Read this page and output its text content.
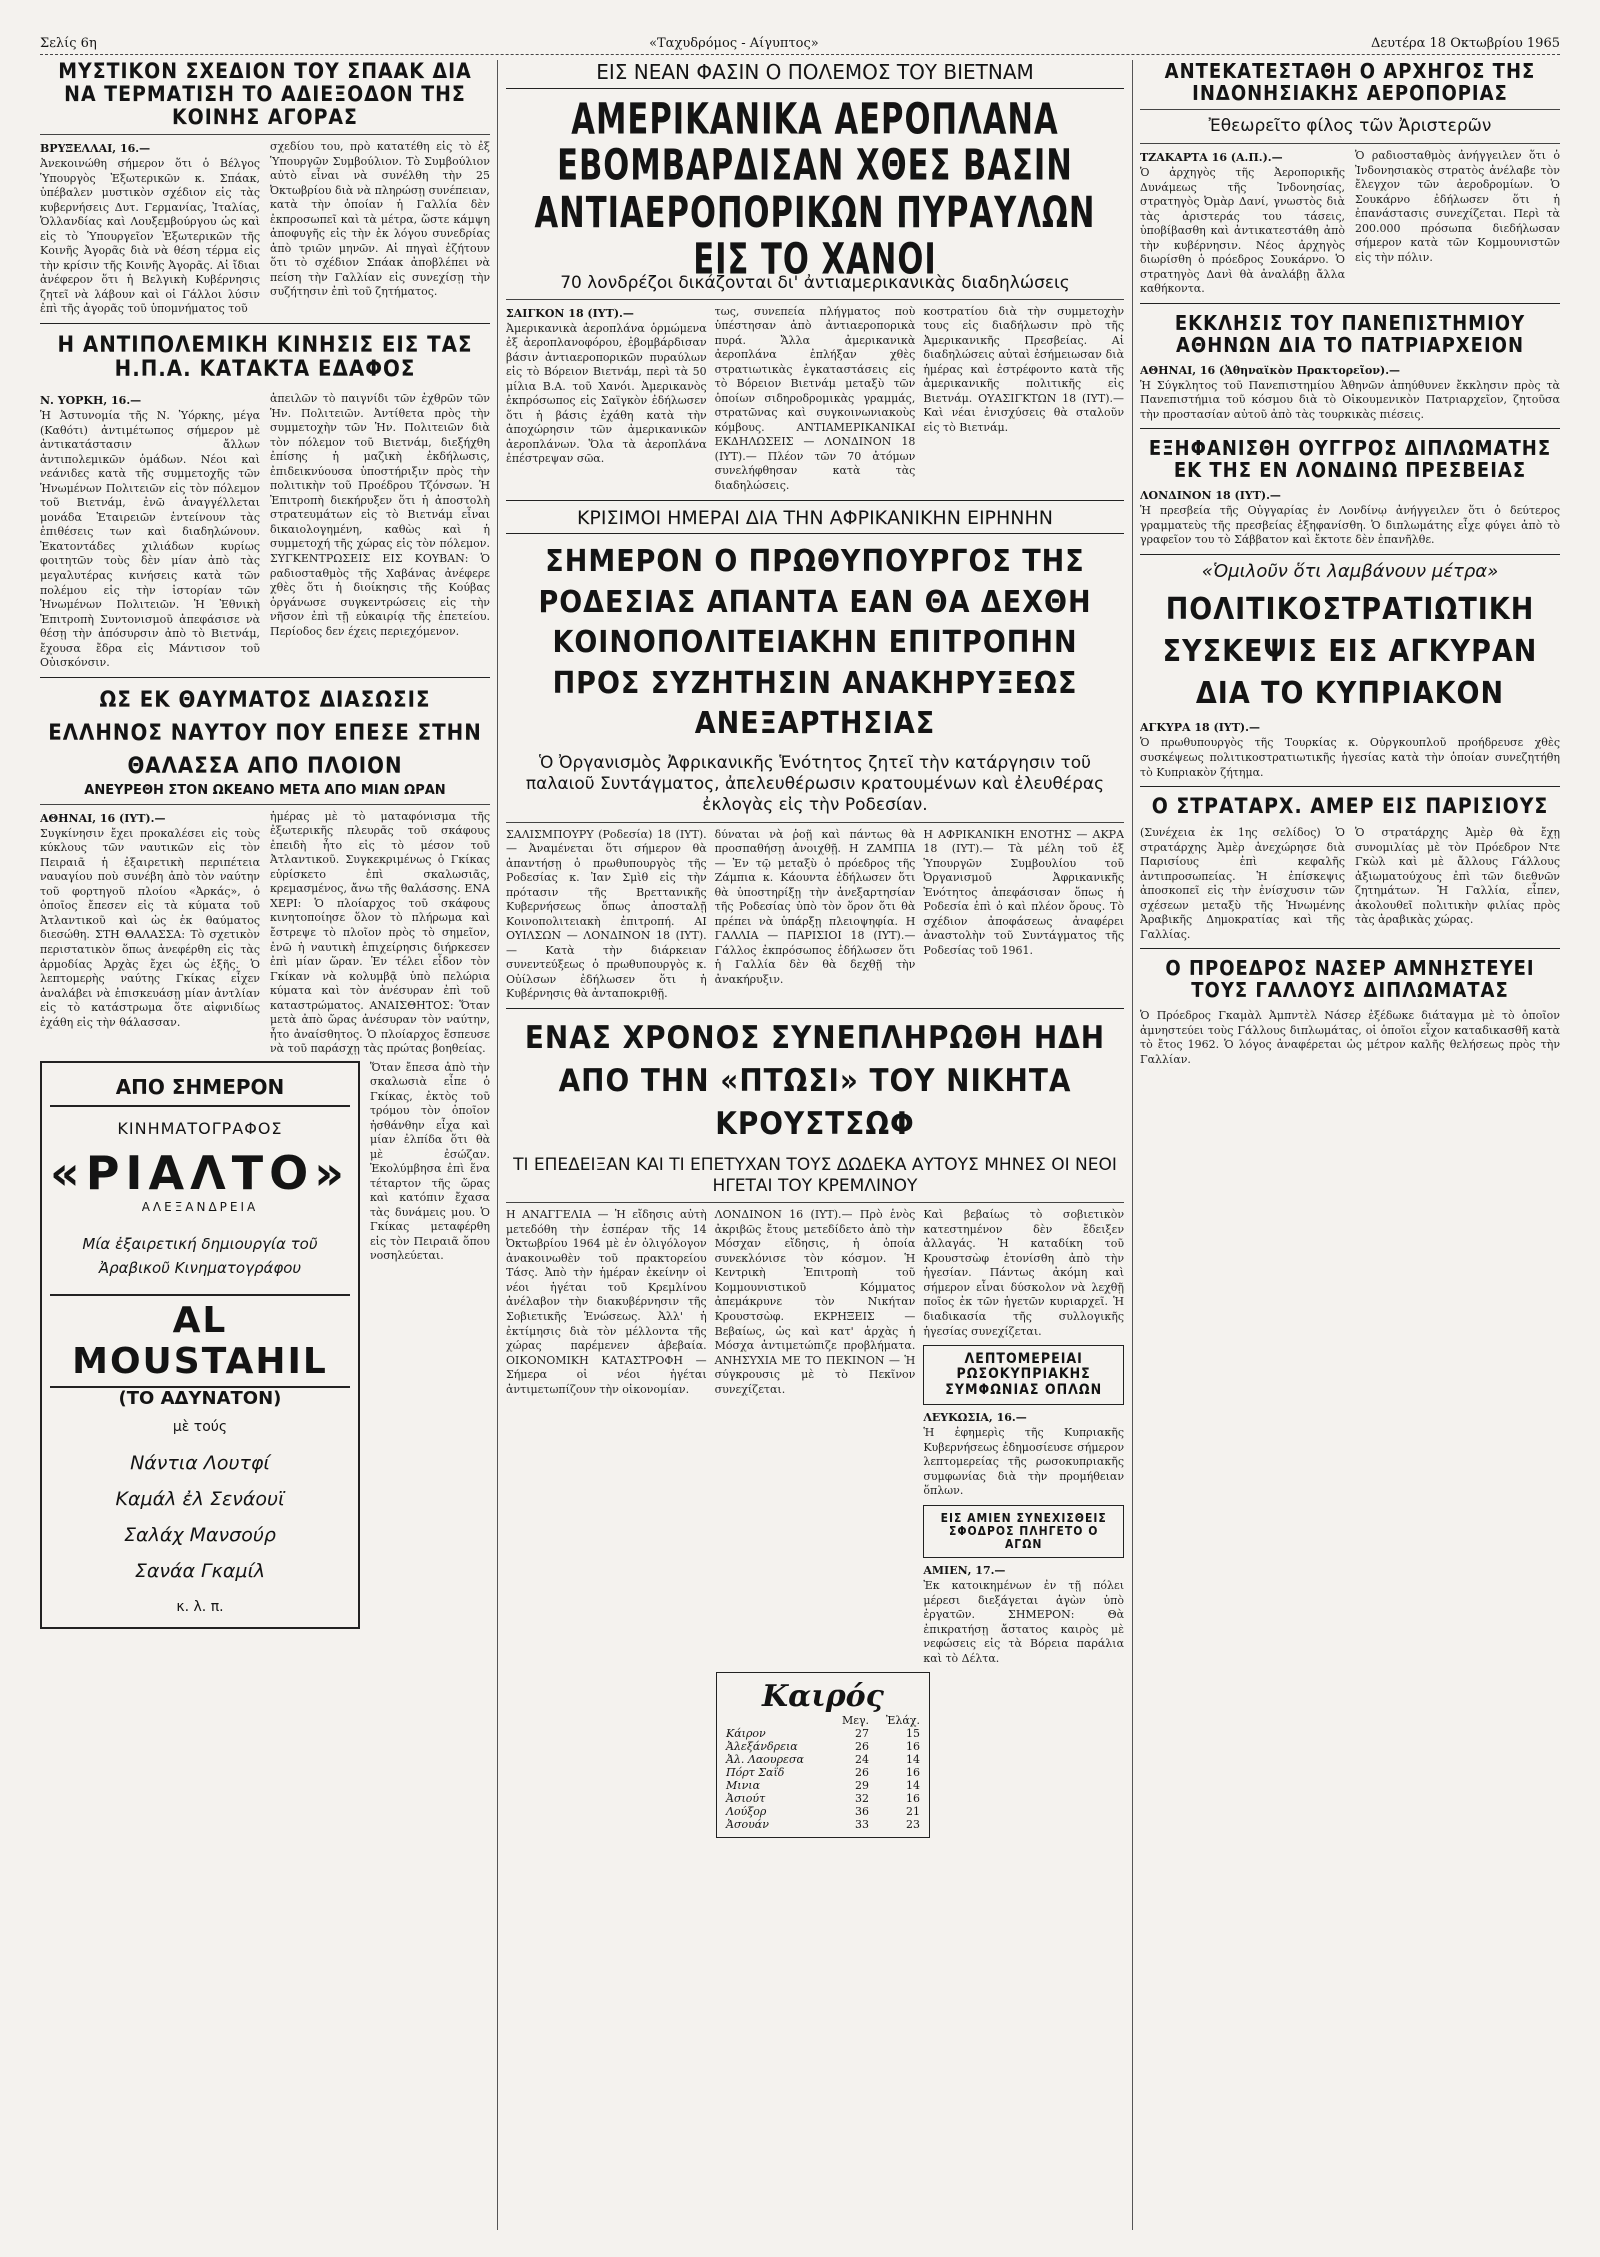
Σελίς 6η	«Ταχυδρόμος - Αίγυπτος»	Δευτέρα 18 Οκτωβρίου 1965
ΜΥΣΤΙΚΟΝ ΣΧΕΔΙΟΝ ΤΟΥ ΣΠΑΑΚ ΔΙΑ ΝΑ ΤΕΡΜΑΤΙΣΗ ΤΟ ΑΔΙΕΞΟΔΟΝ ΤΗΣ ΚΟΙΝΗΣ ΑΓΟΡΑΣ

ΒΡΥΞΕΛΛΑΙ, 16.—

Ἀνεκοινώθη σήμερον ὅτι ὁ Βέλγος Ὑπουργὸς Ἐξωτερικῶν κ. Σπάακ, ὑπέβαλεν μυστικὸν σχέδιον εἰς τὰς κυβερνήσεις Δυτ. Γερμανίας, Ἰταλίας, Ὁλλανδίας καὶ Λουξεμβούργου ὡς καὶ εἰς τὸ Ὑπουργεῖον Ἐξωτερικῶν τῆς Κοινῆς Ἀγορᾶς διὰ νὰ θέση τέρμα εἰς τὴν κρίσιν τῆς Κοινῆς Ἀγορᾶς. Αἱ ἴδιαι ἀνέφερον ὅτι ἡ Βελγικὴ Κυβέρνησις ζητεῖ νὰ λάβουν καὶ οἱ Γάλλοι λύσιν ἐπὶ τῆς ἀγορᾶς τοῦ ὑπομνήματος τοῦ

σχεδίου του, πρὸ κατατέθη εἰς τὸ ἐξ Ὑπουργῶν Συμβούλιον. Τὸ Συμβούλιον αὐτὸ εἶναι νὰ συνέλθη τὴν 25 Ὀκτωβρίου διὰ νὰ πληρώσῃ συνέπειαν, κατὰ τὴν ὁποίαν ἡ Γαλλία δὲν ἐκπροσωπεῖ καὶ τὰ μέτρα, ὥστε κάμψη ἀποφυγῆς εἰς τὴν ἐκ λόγου συνεδρίας ἀπὸ τριῶν μηνῶν. Αἱ πηγαὶ ἐζήτουν ὅτι τὸ σχέδιον Σπάακ ἀποβλέπει νὰ πείση τὴν Γαλλίαν εἰς συνεχίσῃ τὴν συζήτησιν ἐπὶ τοῦ ζητήματος.

Η ΑΝΤΙΠΟΛΕΜΙΚΗ ΚΙΝΗΣΙΣ ΕΙΣ ΤΑΣ Η.Π.Α. ΚΑΤΑΚΤΑ ΕΔΑΦΟΣ

Ν. ΥΟΡΚΗ, 16.—

Ἡ Ἀστυνομία τῆς Ν. Ὑόρκης, μέγα (Καθότι) ἀντιμέτωπος σήμερον μὲ ἀντικατάστασιν ἄλλων ἀντιπολεμικῶν ὁμάδων. Νέοι καὶ νεάνιδες κατὰ τῆς συμμετοχῆς τῶν Ἡνωμένων Πολιτειῶν εἰς τὸν πόλεμον τοῦ Βιετνάμ, ἐνῶ ἀναγγέλλεται μονάδα Ἑταιρειῶν ἐντείνουν τὰς ἐπιθέσεις των καὶ διαδηλώνουν. Ἐκατοντάδες χιλιάδων κυρίως φοιτητῶν τοὺς δὲν μίαν ἀπὸ τὰς μεγαλυτέρας κινήσεις κατὰ τῶν πολέμου εἰς τὴν ἱστορίαν τῶν Ἡνωμένων Πολιτειῶν. Ἡ Ἐθνικὴ Ἐπιτροπὴ Συντονισμοῦ ἀπεφάσισε νὰ θέσῃ τὴν ἀπόσυρσιν ἀπὸ τὸ Βιετνάμ, ἔχουσα ἔδρα εἰς Μάντισον τοῦ Οὐισκόνσιν.

ἀπειλῶν τὸ παιγνίδι τῶν ἐχθρῶν τῶν Ἡν. Πολιτειῶν. Ἀντίθετα πρὸς τὴν συμμετοχὴν τῶν Ἡν. Πολιτειῶν διὰ τὸν πόλεμον τοῦ Βιετνάμ, διεξήχθη ἐπίσης ἡ μαζικὴ ἐκδήλωσις, ἐπιδεικνύουσα ὑποστήριξιν πρὸς τὴν πολιτικὴν τοῦ Προέδρου Τζόνσων. Ἡ Ἐπιτροπὴ διεκήρυξεν ὅτι ἡ ἀποστολὴ στρατευμάτων εἰς τὸ Βιετνάμ εἶναι δικαιολογημένη, καθὼς καὶ ἡ συμμετοχή τῆς χώρας εἰς τὸν πόλεμον. ΣΥΓΚΕΝΤΡΩΣΕΙΣ ΕΙΣ ΚΟΥΒΑΝ: Ὁ ραδιοσταθμὸς τῆς Χαβάνας ἀνέφερε χθὲς ὅτι ἡ διοίκησις τῆς Κούβας ὁργάνωσε συγκεντρώσεις εἰς τὴν νῆσον ἐπὶ τῇ εὐκαιρίᾳ τῆς ἐπετείου. Περίοδος δεν έχεις περιεχόμενον.

ΩΣ ΕΚ ΘΑΥΜΑΤΟΣ ΔΙΑΣΩΣΙΣ ΕΛΛΗΝΟΣ ΝΑΥΤΟΥ ΠΟΥ ΕΠΕΣΕ ΣΤΗΝ ΘΑΛΑΣΣΑ ΑΠΟ ΠΛΟΙΟΝ

ΑΝΕΥΡΕΘΗ ΣΤΟΝ ΩΚΕΑΝΟ ΜΕΤΑ ΑΠΟ ΜΙΑΝ ΩΡΑΝ

ΑΘΗΝΑΙ, 16 (ΙΥΤ).—

Συγκίνησιν ἔχει προκαλέσει εἰς τοὺς κύκλους τῶν ναυτικῶν εἰς τὸν Πειραιᾶ ἡ ἐξαιρετικὴ περιπέτεια ναυαγίου ποὺ συνέβη ἀπὸ τὸν ναύτην τοῦ φορτηγοῦ πλοίου «Ἀρκάς», ὁ ὁποῖος ἔπεσεν εἰς τὰ κύματα τοῦ Ἀτλαντικοῦ καὶ ὡς ἐκ θαύματος διεσώθη. ΣΤΗ ΘΑΛΑΣΣΑ: Τὸ σχετικὸν περιστατικὸν ὅπως ἀνεφέρθη εἰς τὰς ἀρμοδίας Ἀρχὰς ἔχει ὡς ἑξῆς. Ὁ λεπτομερὴς ναύτης Γκίκας εἶχεν ἀναλάβει νὰ ἐπισκευάσῃ μίαν ἀντλίαν εἰς τὸ κατάστρωμα ὅτε αἰφνιδίως ἐχάθη εἰς τὴν θάλασσαν.

ἡμέρας μὲ τὸ ματαφόνισμα τῆς ἐξωτερικῆς πλευρᾶς τοῦ σκάφους ἐπειδὴ ἦτο εἰς τὸ μέσον τοῦ Ἀτλαντικοῦ. Συγκεκριμένως ὁ Γκίκας εὑρίσκετο ἐπὶ σκαλωσιᾶς, κρεμασμένος, ἄνω τῆς θαλάσσης. ΕΝΑ ΧΕΡΙ: Ὁ πλοίαρχος τοῦ σκάφους κινητοποίησε ὅλον τὸ πλήρωμα καὶ ἔστρεψε τὸ πλοῖον πρὸς τὸ σημεῖον, ἐνῶ ἡ ναυτικὴ ἐπιχείρησις διήρκεσεν ἐπὶ μίαν ὥραν. Ἐν τέλει εἶδον τὸν Γκίκαν νὰ κολυμβᾷ ὑπὸ πελώρια κύματα καὶ τὸν ἀνέσυραν ἐπὶ τοῦ καταστρώματος. ΑΝΑΙΣΘΗΤΟΣ: Ὅταν μετὰ ἀπὸ ὥρας ἀνέσυραν τὸν ναύτην, ἦτο ἀναίσθητος. Ὁ πλοίαρχος ἔσπευσε νὰ τοῦ παράσχῃ τὰς πρώτας βοηθείας.

ΑΠΟ ΣΗΜΕΡΟΝ
ΚΙΝΗΜΑΤΟΓΡΑΦΟΣ
«ΡΙΑΛΤΟ»
ΑΛΕΞΑΝΔΡΕΙΑ
Μία ἐξαιρετική δημιουργία τοῦ Ἀραβικοῦ Κινηματογράφου
AL MOUSTAHIL
(ΤΟ ΑΔΥΝΑΤΟΝ)
μὲ τούς
Νάντια Λουτφί
Καμάλ ἐλ Σενάουϊ
Σαλάχ Μανσούρ
Σανάα Γκαμίλ
κ. λ. π.

Ὅταν ἔπεσα ἀπὸ τὴν σκαλωσιὰ εἶπε ὁ Γκίκας, ἐκτὸς τοῦ τρόμου τὸν ὁποῖον ἠσθάνθην εἶχα καὶ μίαν ἐλπίδα ὅτι θὰ μὲ ἐσώζαν. Ἐκολύμβησα ἐπὶ ἕνα τέταρτον τῆς ὥρας καὶ κατόπιν ἔχασα τὰς δυνάμεις μου. Ὁ Γκίκας μεταφέρθη εἰς τὸν Πειραιᾶ ὅπου νοσηλεύεται.

ΕΙΣ ΝΕΑΝ ΦΑΣΙΝ Ο ΠΟΛΕΜΟΣ ΤΟΥ ΒΙΕΤΝΑΜ

ΑΜΕΡΙΚΑΝΙΚΑ ΑΕΡΟΠΛΑΝΑ ΕΒΟΜΒΑΡΔΙΣΑΝ ΧΘΕΣ ΒΑΣΙΝ ΑΝΤΙΑΕΡΟΠΟΡΙΚΩΝ ΠΥΡΑΥΛΩΝ ΕΙΣ ΤΟ ΧΑΝΟΙ

70 λονδρέζοι δικάζονται δι' ἀντιαμερικανικὰς διαδηλώσεις

ΣΑΙΓΚΟΝ 18 (ΙΥΤ).—

Ἀμερικανικὰ ἀεροπλάνα ὁρμώμενα ἐξ ἀεροπλανοφόρου, ἐβομβάρδισαν βάσιν ἀντιαεροπορικῶν πυραύλων εἰς τὸ Βόρειον Βιετνάμ, περὶ τὰ 50 μίλια Β.Α. τοῦ Χανόι. Ἀμερικανὸς ἐκπρόσωπος εἰς Σαϊγκὸν ἐδήλωσεν ὅτι ἡ βάσις ἐχάθη κατὰ τὴν ἀποχώρησιν τῶν ἀμερικανικῶν ἀεροπλάνων. Ὅλα τὰ ἀεροπλάνα ἐπέστρεψαν σῶα.

τως, συνεπεία πλήγματος ποὺ ὑπέστησαν ἀπὸ ἀντιαεροπορικὰ πυρά. Ἄλλα ἀμερικανικὰ ἀεροπλάνα ἐπλήξαν χθὲς στρατιωτικὰς ἐγκαταστάσεις εἰς τὸ Βόρειον Βιετνάμ μεταξὺ τῶν ὁποίων σιδηροδρομικὰς γραμμάς, στρατῶνας καὶ συγκοινωνιακοὺς κόμβους. ΑΝΤΙΑΜΕΡΙΚΑΝΙΚΑΙ ΕΚΔΗΛΩΣΕΙΣ — ΛΟΝΔΙΝΟΝ 18 (ΙΥΤ).— Πλέον τῶν 70 ἀτόμων συνελήφθησαν κατὰ τὰς διαδηλώσεις.

κοστρατίου διὰ τὴν συμμετοχὴν τους εἰς διαδήλωσιν πρὸ τῆς Ἀμερικανικῆς Πρεσβείας. Αἱ διαδηλώσεις αὐταὶ ἐσήμειωσαν διὰ ἡμέρας καὶ ἐστρέφοντο κατὰ τῆς ἀμερικανικῆς πολιτικῆς εἰς Βιετνάμ. ΟΥΑΣΙΓΚΤΩΝ 18 (ΙΥΤ).— Καὶ νέαι ἐνισχύσεις θὰ σταλοῦν εἰς τὸ Βιετνάμ.

ΚΡΙΣΙΜΟΙ ΗΜΕΡΑΙ ΔΙΑ ΤΗΝ ΑΦΡΙΚΑΝΙΚΗΝ ΕΙΡΗΝΗΝ

ΣΗΜΕΡΟΝ Ο ΠΡΩΘΥΠΟΥΡΓΟΣ ΤΗΣ ΡΟΔΕΣΙΑΣ ΑΠΑΝΤΑ ΕΑΝ ΘΑ ΔΕΧΘΗ ΚΟΙΝΟΠΟΛΙΤΕΙΑΚΗΝ ΕΠΙΤΡΟΠΗΝ ΠΡΟΣ ΣΥΖΗΤΗΣΙΝ ΑΝΑΚΗΡΥΞΕΩΣ ΑΝΕΞΑΡΤΗΣΙΑΣ

Ὁ Ὀργανισμὸς Ἀφρικανικῆς Ἑνότητος ζητεῖ τὴν κατάργησιν τοῦ παλαιοῦ Συντάγματος, ἀπελευθέρωσιν κρατουμένων καὶ ἐλευθέρας ἐκλογὰς εἰς τὴν Ροδεσίαν.

ΣΑΛΙΣΜΠΟΥΡΥ (Ροδεσία) 18 (ΙΥΤ).— Ἀναμένεται ὅτι σήμερον θὰ ἀπαντήσῃ ὁ πρωθυπουργὸς τῆς Ροδεσίας κ. Ἰαν Σμὶθ εἰς τὴν πρότασιν τῆς Βρεττανικῆς Κυβερνήσεως ὅπως ἀποσταλῇ Κοινοπολιτειακὴ ἐπιτροπή. ΑΙ ΟΥΙΛΣΩΝ — ΛΟΝΔΙΝΟΝ 18 (ΙΥΤ).— Κατὰ τὴν διάρκειαν συνεντεύξεως ὁ πρωθυπουργὸς κ. Οὐίλσων ἐδήλωσεν ὅτι ἡ Κυβέρνησις θὰ ἀνταποκριθῇ.

δύναται νὰ ῥοῇ καὶ πάντως θὰ προσπαθήσῃ ἀνοιχθῇ. Η ΖΑΜΠΙΑ — Ἐν τῷ μεταξὺ ὁ πρόεδρος τῆς Ζάμπια κ. Κάουντα ἐδήλωσεν ὅτι θὰ ὑποστηρίξῃ τὴν ἀνεξαρτησίαν τῆς Ροδεσίας ὑπὸ τὸν ὅρον ὅτι θὰ πρέπει νὰ ὑπάρξῃ πλειοψηφία. Η ΓΑΛΛΙΑ — ΠΑΡΙΣΙΟΙ 18 (ΙΥΤ).— Γάλλος ἐκπρόσωπος ἐδήλωσεν ὅτι ἡ Γαλλία δὲν θὰ δεχθῇ τὴν ἀνακήρυξιν.

Η ΑΦΡΙΚΑΝΙΚΗ ΕΝΟΤΗΣ — ΑΚΡΑ 18 (ΙΥΤ).— Τὰ μέλη τοῦ ἐξ Ὑπουργῶν Συμβουλίου τοῦ Ὀργανισμοῦ Ἀφρικανικῆς Ἑνότητος ἀπεφάσισαν ὅπως ἡ Ροδεσία ἐπὶ ὁ καὶ πλέον ὅρους. Τὸ σχέδιον ἀποφάσεως ἀναφέρει ἀναστολὴν τοῦ Συντάγματος τῆς Ροδεσίας τοῦ 1961.

ΕΝΑΣ ΧΡΟΝΟΣ ΣΥΝΕΠΛΗΡΩΘΗ ΗΔΗ ΑΠΟ ΤΗΝ «ΠΤΩΣΙ» ΤΟΥ ΝΙΚΗΤΑ ΚΡΟΥΣΤΣΩΦ

ΤΙ ΕΠΕΔΕΙΞΑΝ ΚΑΙ ΤΙ ΕΠΕΤΥΧΑΝ ΤΟΥΣ ΔΩΔΕΚΑ ΑΥΤΟΥΣ ΜΗΝΕΣ ΟΙ ΝΕΟΙ ΗΓΕΤΑΙ ΤΟΥ ΚΡΕΜΛΙΝΟΥ

Η ΑΝΑΓΓΕΛΙΑ — Ἡ εἴδησις αὐτὴ μετεδόθη τὴν ἑσπέραν τῆς 14 Ὀκτωβρίου 1964 μὲ ἐν ὀλιγόλογον ἀνακοινωθὲν τοῦ πρακτορείου Τάσς. Ἀπὸ τὴν ἡμέραν ἐκείνην οἱ νέοι ἡγέται τοῦ Κρεμλίνου ἀνέλαβον τὴν διακυβέρνησιν τῆς Σοβιετικῆς Ἑνώσεως. Ἀλλ' ἡ ἐκτίμησις διὰ τὸν μέλλοντα τῆς χώρας παρέμενεν ἀβεβαία. ΟΙΚΟΝΟΜΙΚΗ ΚΑΤΑΣΤΡΟΦΗ — Σήμερα οἱ νέοι ἡγέται ἀντιμετωπίζουν τὴν οἰκονομίαν.

ΛΟΝΔΙΝΟΝ 16 (ΙΥΤ).— Πρὸ ἑνὸς ἀκριβῶς ἔτους μετεδίδετο ἀπὸ τὴν Μόσχαν εἴδησις, ἡ ὁποία συνεκλόνισε τὸν κόσμον. Ἡ Κεντρικὴ Ἐπιτροπὴ τοῦ Κομμουνιστικοῦ Κόμματος ἀπεμάκρυνε τὸν Νικήταν Κρουστσὼφ. ΕΚΡΗΞΕΙΣ — Βεβαίως, ὡς καὶ κατ' ἀρχὰς ἡ Μόσχα ἀντιμετώπιζε προβλήματα. ΑΝΗΣΥΧΙΑ ΜΕ ΤΟ ΠΕΚΙΝΟΝ — Ἡ σύγκρουσις μὲ τὸ Πεκῖνον συνεχίζεται.

Καὶ βεβαίως τὸ σοβιετικὸν κατεστημένον δὲν ἔδειξεν ἀλλαγάς. Ἡ καταδίκη τοῦ Κρουστσὼφ ἐτονίσθη ἀπὸ τὴν ἡγεσίαν. Πάντως ἀκόμη καὶ σήμερον εἶναι δύσκολον νὰ λεχθῇ ποῖος ἐκ τῶν ἡγετῶν κυριαρχεῖ. Ἡ διαδικασία τῆς συλλογικῆς ἡγεσίας συνεχίζεται.

ΛΕΠΤΟΜΕΡΕΙΑΙ ΡΩΣΟΚΥΠΡΙΑΚΗΣ ΣΥΜΦΩΝΙΑΣ ΟΠΛΩΝ

ΛΕΥΚΩΣΙΑ, 16.—

Ἡ ἐφημερὶς τῆς Κυπριακῆς Κυβερνήσεως ἐδημοσίευσε σήμερον λεπτομερείας τῆς ρωσοκυπριακῆς συμφωνίας διὰ τὴν προμήθειαν ὅπλων.

ΕΙΣ ΑΜΙΕΝ ΣΥΝΕΧΙΣΘΕΙΣ ΣΦΟΔΡΟΣ ΠΛΗΓΕΤΟ Ο ΑΓΩΝ

ΑΜΙΕΝ, 17.—

Ἐκ κατοικημένων ἐν τῇ πόλει μέρεσι διεξάγεται ἀγὼν ὑπὸ ἐργατῶν. ΣΗΜΕΡΟΝ: Θὰ ἐπικρατήσῃ ἄστατος καιρὸς μὲ νεφώσεις εἰς τὰ Βόρεια παράλια καὶ τὸ Δέλτα.

Καιρός
	Μεγ.	Ἐλάχ.
Κάιρον	27	15
Ἀλεξάνδρεια	26	16
Ἀλ. Λαουρεσα	24	14
Πόρτ Σαΐδ	26	16
Μινια	29	14
Ἀσιούτ	32	16
Λούξορ	36	21
Ἀσουάν	33	23
ΑΝΤΕΚΑΤΕΣΤΑΘΗ Ο ΑΡΧΗΓΟΣ ΤΗΣ ΙΝΔΟΝΗΣΙΑΚΗΣ ΑΕΡΟΠΟΡΙΑΣ

Ἐθεωρεῖτο φίλος τῶν Ἀριστερῶν

ΤΖΑΚΑΡΤΑ 16 (Α.Π.).—

Ὁ ἀρχηγὸς τῆς Ἀεροπορικῆς Δυνάμεως τῆς Ἰνδονησίας, στρατηγὸς Ὀμὰρ Δανί, γνωστὸς διὰ τὰς ἀριστεράς του τάσεις, ὑποβίβασθη καὶ ἀντικατεστάθη ἀπὸ τὴν κυβέρνησιν. Νέος ἀρχηγὸς διωρίσθη ὁ πρόεδρος Σουκάρνο. Ὁ στρατηγὸς Δανὶ θὰ ἀναλάβῃ ἄλλα καθήκοντα.

Ὁ ραδιοσταθμὸς ἀνήγγειλεν ὅτι ὁ Ἰνδονησιακὸς στρατὸς ἀνέλαβε τὸν ἔλεγχον τῶν ἀεροδρομίων. Ὁ Σουκάρνο ἐδήλωσεν ὅτι ἡ ἐπανάστασις συνεχίζεται. Περὶ τὰ 200.000 πρόσωπα διεδήλωσαν σήμερον κατὰ τῶν Κομμουνιστῶν εἰς τὴν πόλιν.

ΕΚΚΛΗΣΙΣ ΤΟΥ ΠΑΝΕΠΙΣΤΗΜΙΟΥ ΑΘΗΝΩΝ ΔΙΑ ΤΟ ΠΑΤΡΙΑΡΧΕΙΟΝ

ΑΘΗΝΑΙ, 16 (Ἀθηναϊκὸν Πρακτορεῖον).—

Ἡ Σύγκλητος τοῦ Πανεπιστημίου Ἀθηνῶν ἀπηύθυνεν ἔκκλησιν πρὸς τὰ Πανεπιστήμια τοῦ κόσμου διὰ τὸ Οἰκουμενικὸν Πατριαρχεῖον, ζητοῦσα τὴν προστασίαν αὐτοῦ ἀπὸ τὰς τουρκικὰς πιέσεις.

ΕΞΗΦΑΝΙΣΘΗ ΟΥΓΓΡΟΣ ΔΙΠΛΩΜΑΤΗΣ ΕΚ ΤΗΣ ΕΝ ΛΟΝΔΙΝΩ ΠΡΕΣΒΕΙΑΣ

ΛΟΝΔΙΝΟΝ 18 (ΙΥΤ).—

Ἡ πρεσβεία τῆς Οὐγγαρίας ἐν Λονδίνῳ ἀνήγγειλεν ὅτι ὁ δεύτερος γραμματεὺς τῆς πρεσβείας ἐξηφανίσθη. Ὁ διπλωμάτης εἶχε φύγει ἀπὸ τὸ γραφεῖον του τὸ Σάββατον καὶ ἔκτοτε δὲν ἐπανῆλθε.

«Ὁμιλοῦν ὅτι λαμβάνουν μέτρα»

ΠΟΛΙΤΙΚΟΣΤΡΑΤΙΩΤΙΚΗ ΣΥΣΚΕΨΙΣ ΕΙΣ ΑΓΚΥΡΑΝ ΔΙΑ ΤΟ ΚΥΠΡΙΑΚΟΝ

ΑΓΚΥΡΑ 18 (ΙΥΤ).—

Ὁ πρωθυπουργὸς τῆς Τουρκίας κ. Οὐργκουπλοῦ προήδρευσε χθὲς συσκέψεως πολιτικοστρατιωτικῆς ἡγεσίας κατὰ τὴν ὁποίαν συνεζητήθη τὸ Κυπριακὸν ζήτημα.

Ο ΣΤΡΑΤΑΡΧ. ΑΜΕΡ ΕΙΣ ΠΑΡΙΣΙΟΥΣ

(Συνέχεια ἐκ 1ης σελίδος) Ὁ στρατάρχης Ἀμὲρ ἀνεχώρησε διὰ Παρισίους ἐπὶ κεφαλῆς ἀντιπροσωπείας. Ἡ ἐπίσκεψις ἀποσκοπεῖ εἰς τὴν ἐνίσχυσιν τῶν σχέσεων μεταξὺ τῆς Ἡνωμένης Ἀραβικῆς Δημοκρατίας καὶ τῆς Γαλλίας.

Ὁ στρατάρχης Ἀμὲρ θὰ ἔχῃ συνομιλίας μὲ τὸν Πρόεδρον Ντε Γκὼλ καὶ μὲ ἄλλους Γάλλους ἀξιωματούχους ἐπὶ τῶν διεθνῶν ζητημάτων. Ἡ Γαλλία, εἶπεν, ἀκολουθεῖ πολιτικὴν φιλίας πρὸς τὰς ἀραβικὰς χώρας.

Ο ΠΡΟΕΔΡΟΣ ΝΑΣΕΡ ΑΜΝΗΣΤΕΥΕΙ ΤΟΥΣ ΓΑΛΛΟΥΣ ΔΙΠΛΩΜΑΤΑΣ

Ὁ Πρόεδρος Γκαμὰλ Ἀμπντὲλ Νάσερ ἐξέδωκε διάταγμα μὲ τὸ ὁποῖον ἀμνηστεύει τοὺς Γάλλους διπλωμάτας, οἱ ὁποῖοι εἶχον καταδικασθῆ κατὰ τὸ ἔτος 1962. Ὁ λόγος ἀναφέρεται ὡς μέτρον καλῆς θελήσεως πρὸς τὴν Γαλλίαν.
